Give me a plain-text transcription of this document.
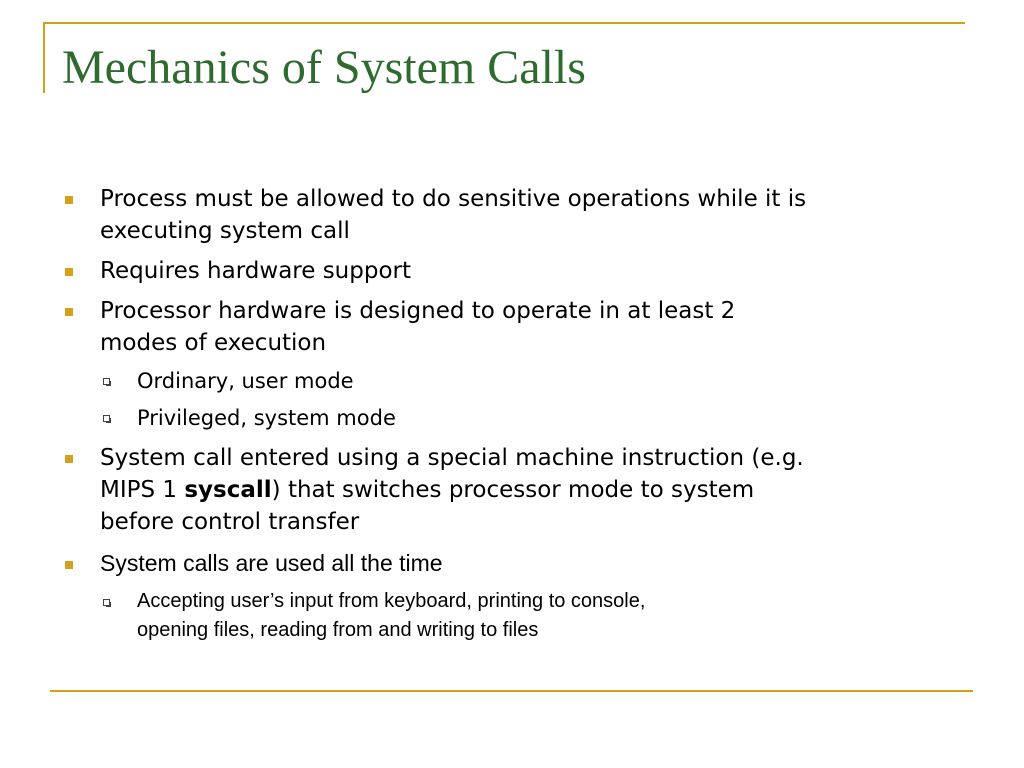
Mechanics of System Calls
Process must be allowed to do sensitive operations while it is
executing system call
Requires hardware support
Processor hardware is designed to operate in at least 2
modes of execution
Ordinary, user mode
Privileged, system mode
System call entered using a special machine instruction (e.g.
MIPS 1 syscall) that switches processor mode to system
before control transfer
System calls are used all the time
Accepting user’s input from keyboard, printing to console,
opening files, reading from and writing to files
